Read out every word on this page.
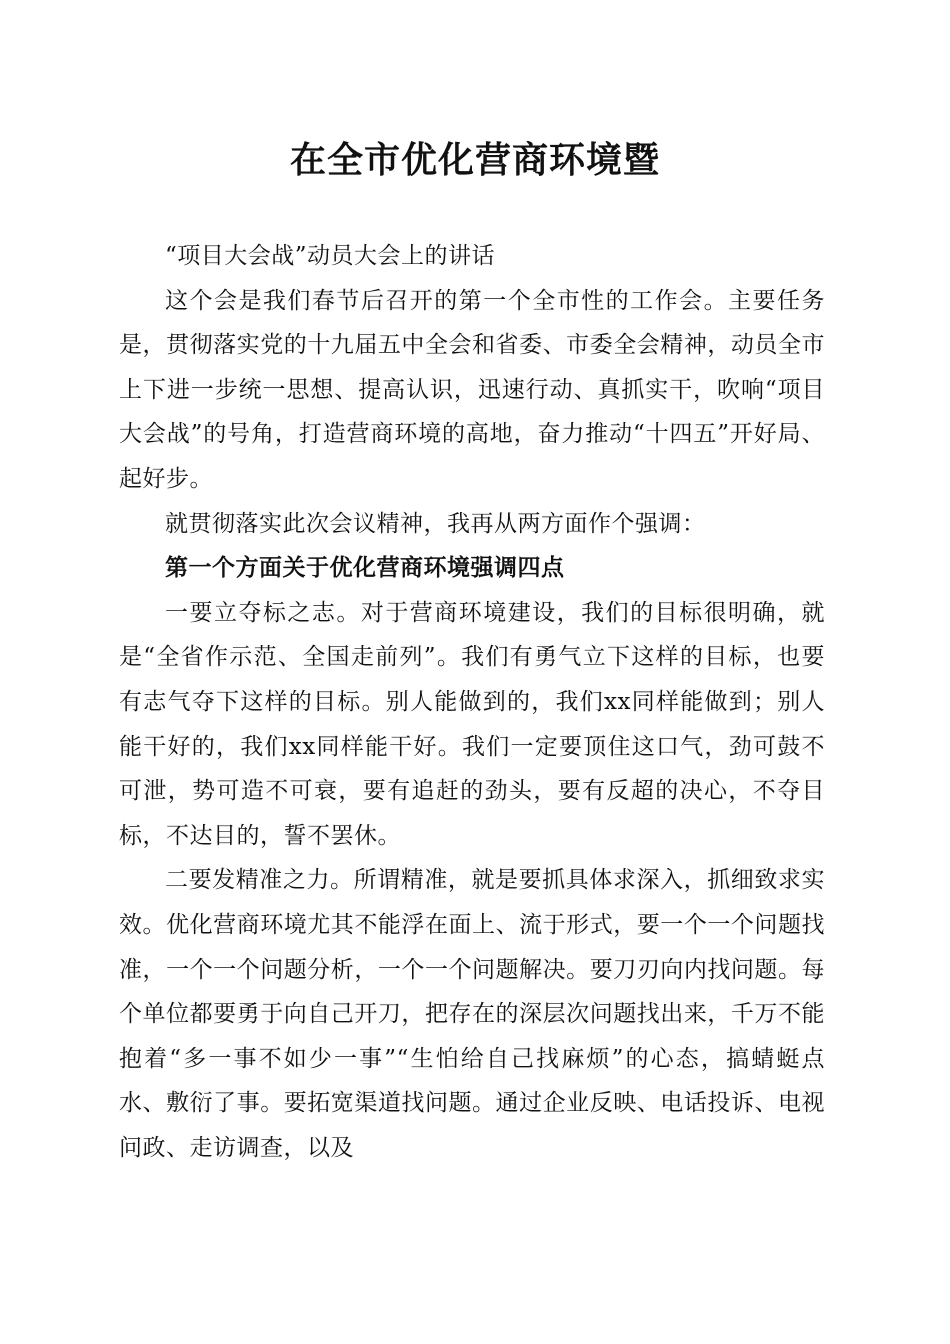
在全市优化营商环境暨

“项目大会战”动员大会上的讲话

这个会是我们春节后召开的第一个全市性的工作会。主要任务是，贯彻落实党的十九届五中全会和省委、市委全会精神，动员全市上下进一步统一思想、提高认识，迅速行动、真抓实干，吹响“项目大会战”的号角，打造营商环境的高地，奋力推动“十四五”开好局、起好步。

就贯彻落实此次会议精神，我再从两方面作个强调：

第一个方面关于优化营商环境强调四点

一要立夺标之志。对于营商环境建设，我们的目标很明确，就是“全省作示范、全国走前列”。我们有勇气立下这样的目标，也要有志气夺下这样的目标。别人能做到的，我们xx同样能做到；别人能干好的，我们xx同样能干好。我们一定要顶住这口气，劲可鼓不可泄，势可造不可衰，要有追赶的劲头，要有反超的决心，不夺目标，不达目的，誓不罢休。

二要发精准之力。所谓精准，就是要抓具体求深入，抓细致求实效。优化营商环境尤其不能浮在面上、流于形式，要一个一个问题找准，一个一个问题分析，一个一个问题解决。要刀刃向内找问题。每个单位都要勇于向自己开刀，把存在的深层次问题找出来，千万不能抱着“多一事不如少一事”“生怕给自己找麻烦”的心态，搞蜻蜓点水、敷衍了事。要拓宽渠道找问题。通过企业反映、电话投诉、电视问政、走访调查，以及
